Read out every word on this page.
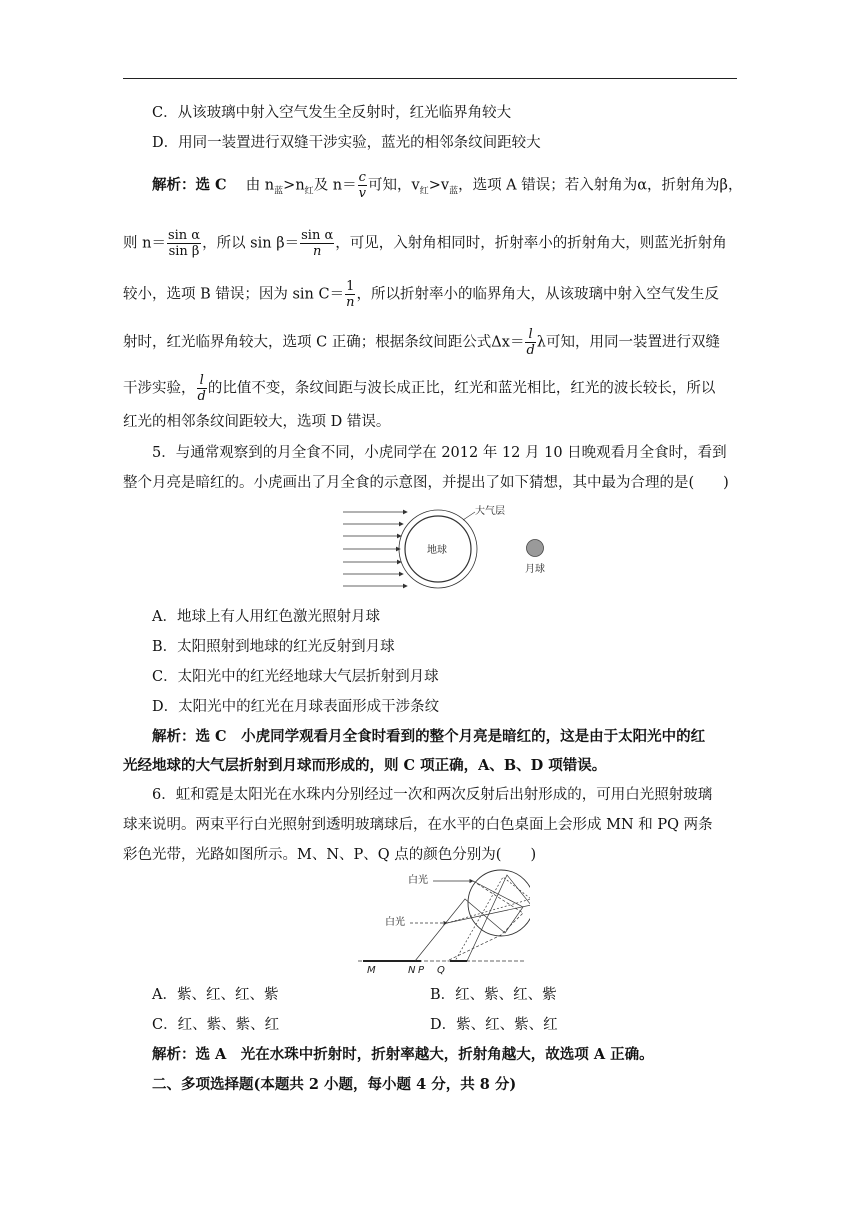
C．从该玻璃中射入空气发生全反射时，红光临界角较大
D．用同一装置进行双缝干涉实验，蓝光的相邻条纹间距较大
解析：选 C　 由 $n_蓝>n_红$及 $n= \frac{c}{v}$ 可知，$v_红>v_蓝$，选项 A 错误；若入射角为α，折射角为β，
则 $n= \frac{\text{sin α}}{\text{sin β}}$ ，所以 $\sin \beta= \frac{\text{sin α}}{n}$ ，可见，入射角相同时，折射率小的折射角大，则蓝光折射角
较小，选项 B 错误；因为 $\sin C= \frac{1}{n}$ ，所以折射率小的临界角大，从该玻璃中射入空气发生反
射时，红光临界角较大，选项 C 正确；根据条纹间距公式$\Delta x= \frac{l}{d}$ λ可知，用同一装置进行双缝
干涉实验， $\frac{l}{d}$ 的比值不变，条纹间距与波长成正比，红光和蓝光相比，红光的波长较长，所以
红光的相邻条纹间距较大，选项 D 错误。
5．与通常观察到的月全食不同，小虎同学在 2012 年 12 月 10 日晚观看月全食时，看到
整个月亮是暗红的。小虎画出了月全食的示意图，并提出了如下猜想，其中最为合理的是(　　)
大气层
地球
月球
A．地球上有人用红色激光照射月球
B．太阳照射到地球的红光反射到月球
C．太阳光中的红光经地球大气层折射到月球
D．太阳光中的红光在月球表面形成干涉条纹
解析：选 C　小虎同学观看月全食时看到的整个月亮是暗红的，这是由于太阳光中的红
光经地球的大气层折射到月球而形成的，则 C 项正确，A、B、D 项错误。
6．虹和霓是太阳光在水珠内分别经过一次和两次反射后出射形成的，可用白光照射玻璃
球来说明。两束平行白光照射到透明玻璃球后，在水平的白色桌面上会形成 MN 和 PQ 两条
彩色光带，光路如图所示。M、N、P、Q 点的颜色分别为(　　)
白光
白光
M	N P Q
A．紫、红、红、紫	B．红、紫、红、紫
C．红、紫、紫、红	D．紫、红、紫、红
解析：选 A　光在水珠中折射时，折射率越大，折射角越大，故选项 A 正确。
二、多项选择题(本题共 2 小题，每小题 4 分，共 8 分)
